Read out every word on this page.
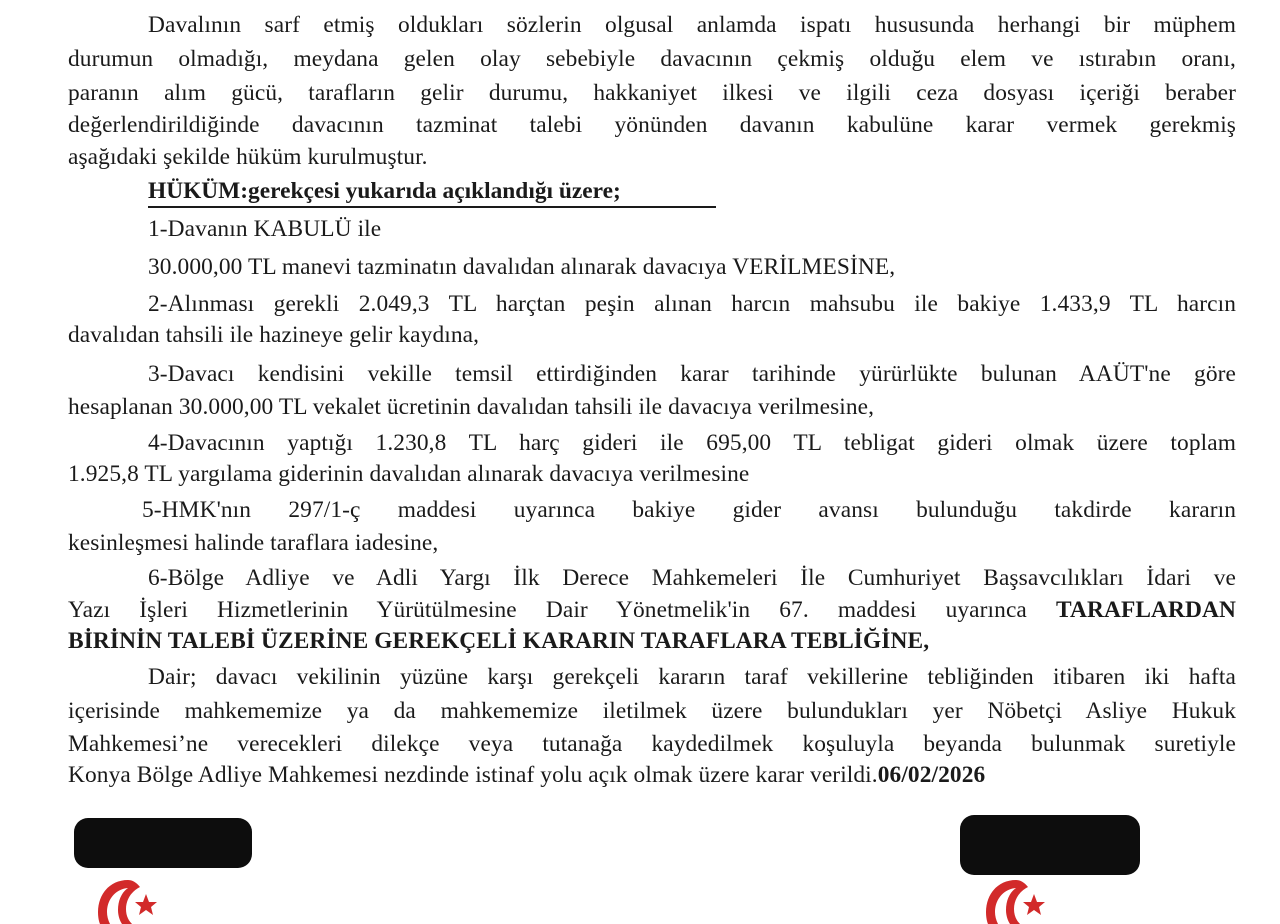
Davalının sarf etmiş oldukları sözlerin olgusal anlamda ispatı hususunda herhangi bir müphem
durumun olmadığı, meydana gelen olay sebebiyle davacının çekmiş olduğu elem ve ıstırabın oranı,
paranın alım gücü, tarafların gelir durumu, hakkaniyet ilkesi ve ilgili ceza dosyası içeriği beraber
değerlendirildiğinde davacının tazminat talebi yönünden davanın kabulüne karar vermek gerekmiş
aşağıdaki şekilde hüküm kurulmuştur.
HÜKÜM:gerekçesi yukarıda açıklandığı üzere;
1-Davanın KABULÜ ile
30.000,00 TL manevi tazminatın davalıdan alınarak davacıya VERİLMESİNE,
2-Alınması gerekli 2.049,3 TL harçtan peşin alınan harcın mahsubu ile bakiye 1.433,9 TL harcın
davalıdan tahsili ile hazineye gelir kaydına,
3-Davacı kendisini vekille temsil ettirdiğinden karar tarihinde yürürlükte bulunan AAÜT'ne göre
hesaplanan 30.000,00 TL vekalet ücretinin davalıdan tahsili ile davacıya verilmesine,
4-Davacının yaptığı 1.230,8 TL harç gideri ile 695,00 TL tebligat gideri olmak üzere toplam
1.925,8 TL yargılama giderinin davalıdan alınarak davacıya verilmesine
5-HMK'nın 297/1-ç maddesi uyarınca bakiye gider avansı bulunduğu takdirde kararın
kesinleşmesi halinde taraflara iadesine,
6-Bölge Adliye ve Adli Yargı İlk Derece Mahkemeleri İle Cumhuriyet Başsavcılıkları İdari ve
Yazı İşleri Hizmetlerinin Yürütülmesine Dair Yönetmelik'in 67. maddesi uyarınca TARAFLARDAN
BİRİNİN TALEBİ ÜZERİNE GEREKÇELİ KARARIN TARAFLARA TEBLİĞİNE,
Dair; davacı vekilinin yüzüne karşı gerekçeli kararın taraf vekillerine tebliğinden itibaren iki hafta
içerisinde mahkememize ya da mahkememize iletilmek üzere bulundukları yer Nöbetçi Asliye Hukuk
Mahkemesi’ne verecekleri dilekçe veya tutanağa kaydedilmek koşuluyla beyanda bulunmak suretiyle
Konya Bölge Adliye Mahkemesi nezdinde istinaf yolu açık olmak üzere karar verildi.06/02/2026
